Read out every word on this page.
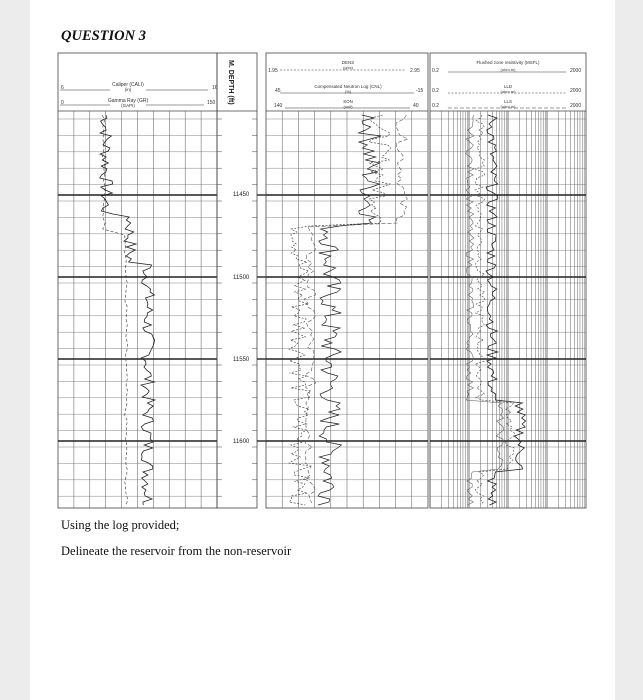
QUESTION 3
Caliper (CALI)
(in)
6	16
Gamma Ray (GR)
(GAPI)
0	150 M. DEPTH (ft)
11450
11500
11550
11600
DENS
(g/cc)
1.95	2.95
Compensated Neutron Log (CNL)
(%)
45	-15
SON
(us/f)
140	40
Flushed zone resistivity (MSFL)
(ohm.m)
0.2	2000
LLD
(ohm.m)
0.2	2000
LLS
(ohm.m)
0.2	2000
Using the log provided;
Delineate the reservoir from the non-reservoir
